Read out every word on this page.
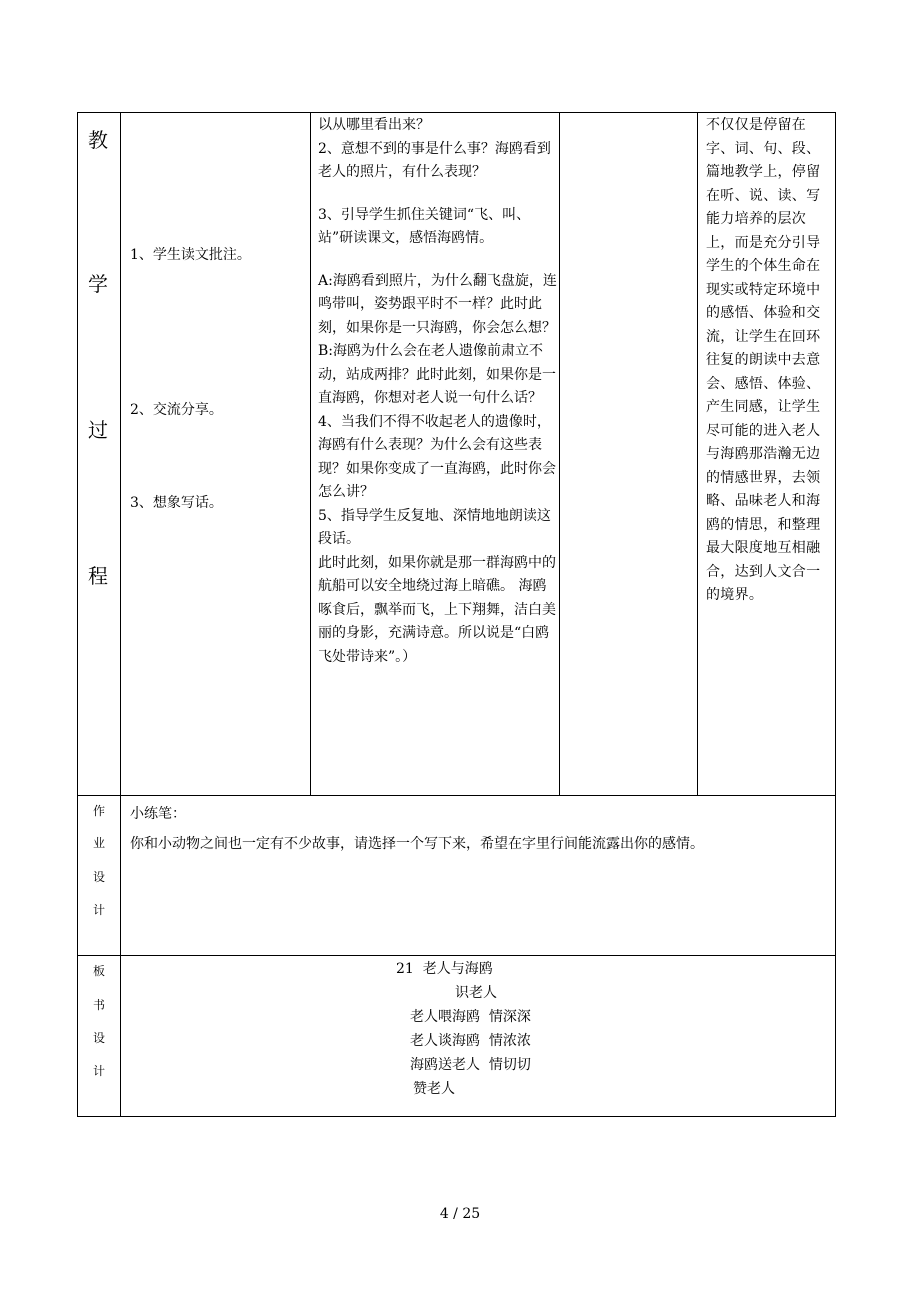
教
学
过
程
1、学生读文批注。
2、交流分享。
3、想象写话。

以从哪里看出来？

2、意想不到的事是什么事？海鸥看到老人的照片，有什么表现？

3、引导学生抓住关键词“飞、叫、站”研读课文，感悟海鸥情。

A:海鸥看到照片，为什么翻飞盘旋，连鸣带叫，姿势跟平时不一样？此时此刻，如果你是一只海鸥，你会怎么想？

B:海鸥为什么会在老人遗像前肃立不动，站成两排？此时此刻，如果你是一直海鸥，你想对老人说一句什么话？

4、当我们不得不收起老人的遗像时，海鸥有什么表现？为什么会有这些表现？如果你变成了一直海鸥，此时你会怎么讲？

5、指导学生反复地、深情地地朗读这段话。

此时此刻，如果你就是那一群海鸥中的航船可以安全地绕过海上暗礁。 海鸥啄食后，飘举而飞，上下翔舞，洁白美丽的身影，充满诗意。所以说是“白鸥飞处带诗来”。）

不仅仅是停留在字、词、句、段、篇地教学上，停留在听、说、读、写能力培养的层次上，而是充分引导学生的个体生命在现实或特定环境中的感悟、体验和交流，让学生在回环往复的朗读中去意会、感悟、体验、产生同感，让学生尽可能的进入老人与海鸥那浩瀚无边的情感世界，去领略、品味老人和海鸥的情思，和整理最大限度地互相融合，达到人文合一的境界。
作
业
设
计
小练笔：
你和小动物之间也一定有不少故事，请选择一个写下来，希望在字里行间能流露出你的感情。
板
书
设
计
21  老人与海鸥
识老人
老人喂海鸥  情深深
老人谈海鸥  情浓浓
海鸥送老人  情切切
赞老人
4 / 25
